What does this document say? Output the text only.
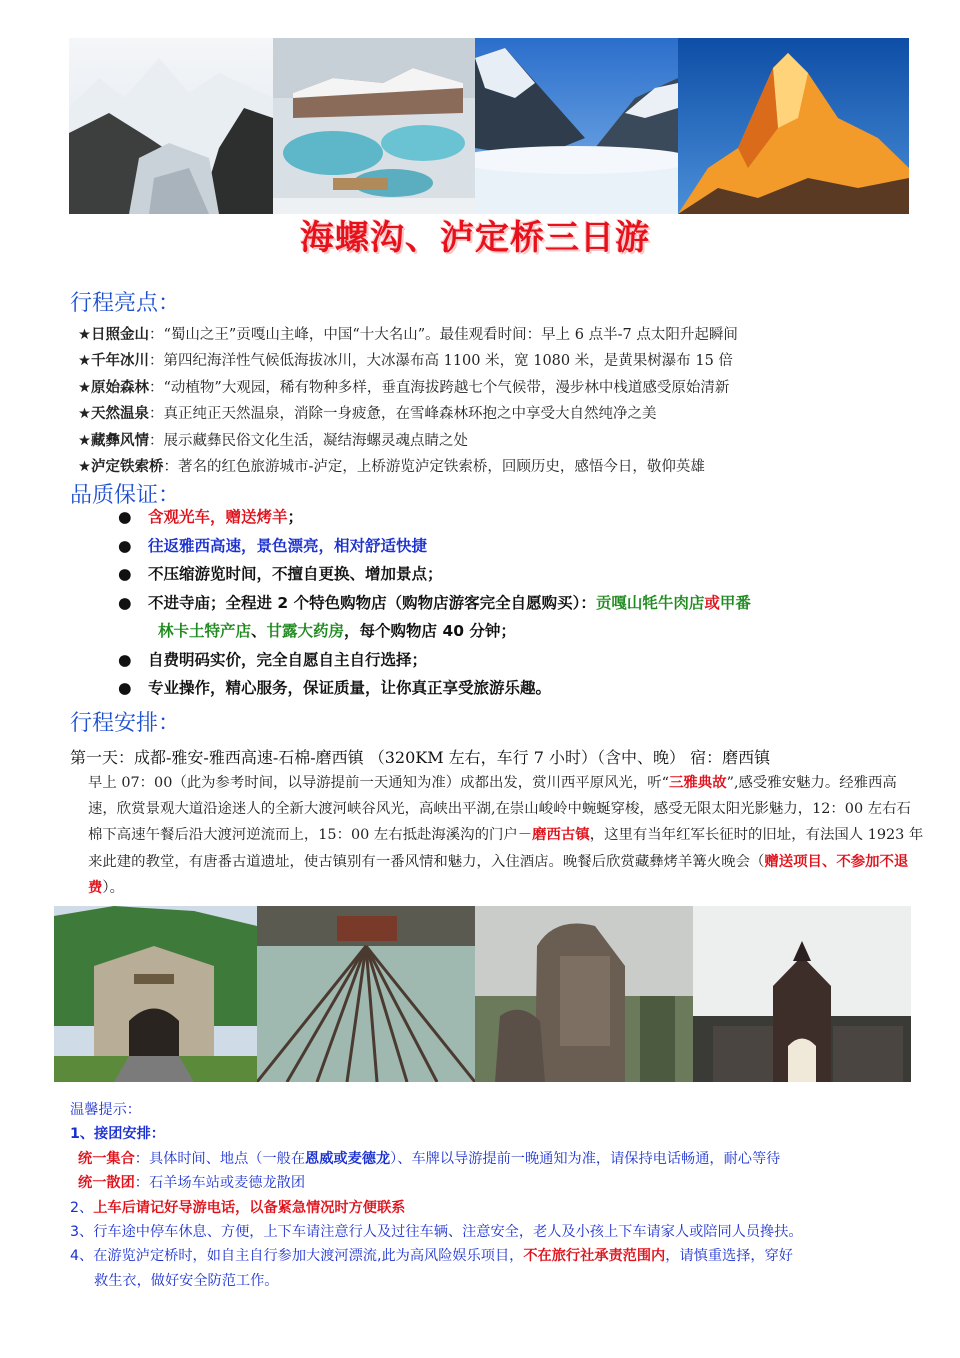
海螺沟、泸定桥三日游
行程亮点：
★日照金山：“蜀山之王”贡嘎山主峰，中国“十大名山”。最佳观看时间：早上 6 点半-7 点太阳升起瞬间
★千年冰川：第四纪海洋性气候低海拔冰川，大冰瀑布高 1100 米，宽 1080 米，是黄果树瀑布 15 倍
★原始森林：“动植物”大观园，稀有物种多样，垂直海拔跨越七个气候带，漫步林中栈道感受原始清新
★天然温泉：真正纯正天然温泉，消除一身疲惫，在雪峰森林环抱之中享受大自然纯净之美
★藏彝风情：展示藏彝民俗文化生活，凝结海螺灵魂点睛之处
★泸定铁索桥：著名的红色旅游城市-泸定，上桥游览泸定铁索桥，回顾历史，感悟今日，敬仰英雄
品质保证：
●	含观光车，赠送烤羊 ；
●	往返雅西高速，景色漂亮，相对舒适快捷
●	不压缩游览时间，不擅自更换、增加景点；
●	不进寺庙；全程进 2 个特色购物店（购物店游客完全自愿购买）： 贡嘎山牦牛肉店 或 甲番
林卡土特产店 、 甘露大药房 ，每个购物店 40 分钟；
●	自费明码实价，完全自愿自主自行选择；
●	专业操作，精心服务，保证质量，让你真正享受旅游乐趣。
行程安排：
第一天：成都-雅安-雅西高速-石棉-磨西镇 （320KM 左右，车行 7 小时）（含中、晚） 宿：磨西镇

早上 07：00（此为参考时间，以导游提前一天通知为准）成都出发，赏川西平原风光，听“三雅典故”,感受雅安魅力。经雅西高速，欣赏景观大道沿途迷人的全新大渡河峡谷风光，高峡出平湖,在崇山峻岭中蜿蜒穿梭，感受无限太阳光影魅力，12：00 左右石棉下高速午餐后沿大渡河逆流而上，15：00 左右抵赴海溪沟的门户－磨西古镇，这里有当年红军长征时的旧址，有法国人 1923 年来此建的教堂，有唐番古道遗址，使古镇别有一番风情和魅力，入住酒店。晚餐后欣赏藏彝烤羊篝火晚会（赠送项目、不参加不退费）。

温馨提示：
1、接团安排：
统一集合：具体时间、地点（一般在恩威或麦德龙）、车牌以导游提前一晚通知为准，请保持电话畅通，耐心等待
统一散团：石羊场车站或麦德龙散团
2、上车后请记好导游电话，以备紧急情况时方便联系
3、行车途中停车休息、方便，上下车请注意行人及过往车辆、注意安全，老人及小孩上下车请家人或陪同人员搀扶。
4、在游览泸定桥时，如自主自行参加大渡河漂流,此为高风险娱乐项目，不在旅行社承责范围内，请慎重选择，穿好
救生衣，做好安全防范工作。
